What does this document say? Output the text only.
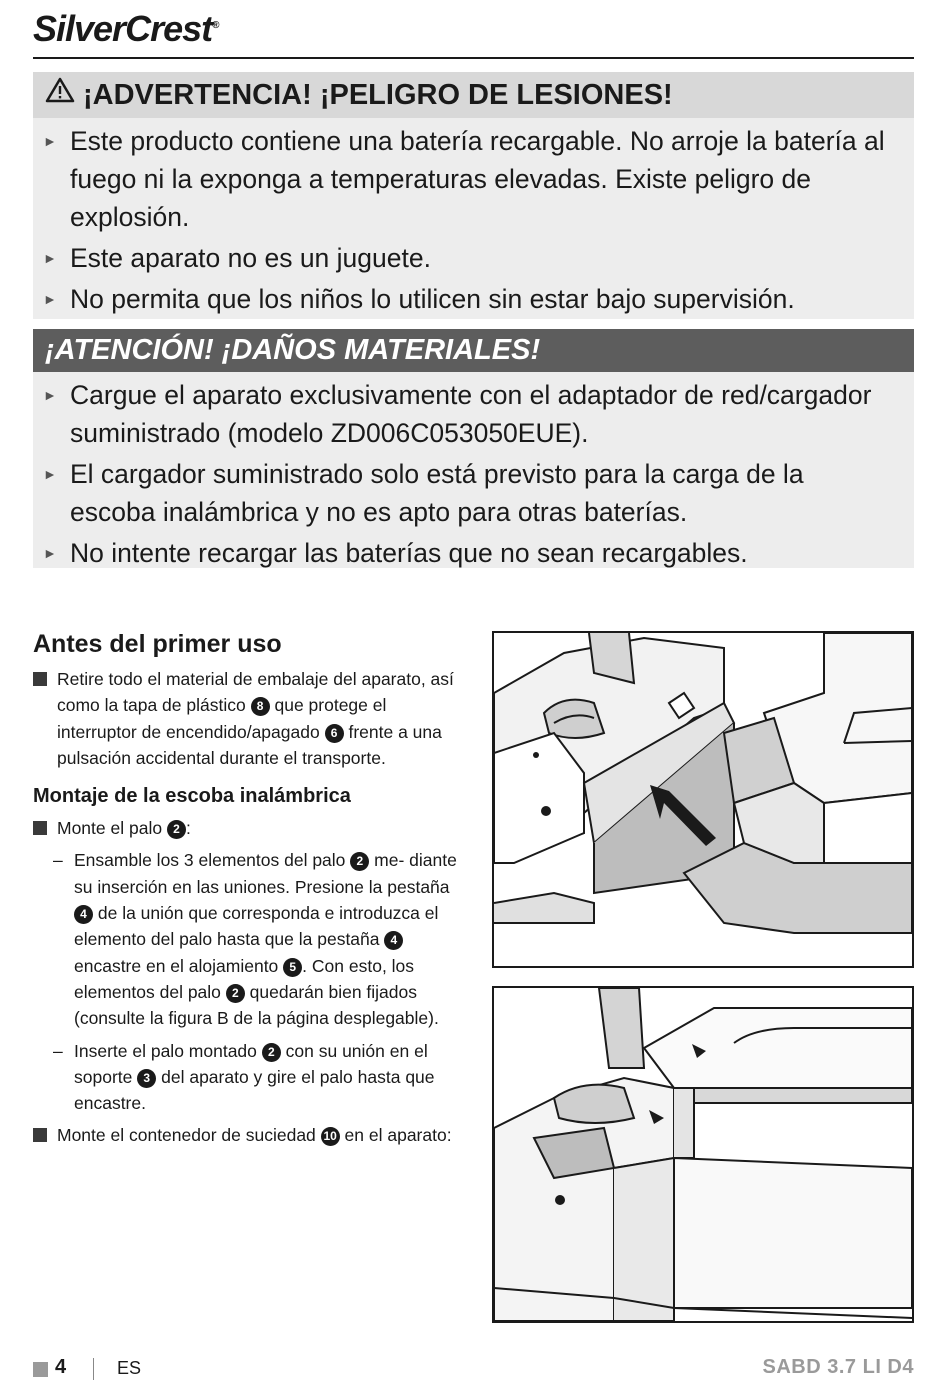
SilverCrest®
¡ADVERTENCIA! ¡PELIGRO DE LESIONES!
► Este producto contiene una batería recargable. No arroje la batería al fuego ni la exponga a temperaturas elevadas. Existe peligro de explosión.
► Este aparato no es un juguete.
► No permita que los niños lo utilicen sin estar bajo supervisión.
¡ATENCIÓN! ¡DAÑOS MATERIALES!
► Cargue el aparato exclusivamente con el adaptador de red/cargador suministrado (modelo ZD006C053050EUE).
► El cargador suministrado solo está previsto para la carga de la escoba inalámbrica y no es apto para otras baterías.
► No intente recargar las baterías que no sean recargables.
Antes del primer uso
Retire todo el material de embalaje del aparato, así como la tapa de plástico 8 que protege el interruptor de encendido/apagado 6 frente a una pulsación accidental durante el transporte.
Montaje de la escoba inalámbrica
Monte el palo 2 :
– Ensamble los 3 elementos del palo 2 me- diante su inserción en las uniones. Presione la pestaña 4 de la unión que corresponda e introduzca el elemento del palo hasta que la pestaña 4 encastre en el alojamiento 5 . Con esto, los elementos del palo 2 quedarán bien fijados (consulte la figura B de la página desplegable).
– Inserte el palo montado 2 con su unión en el soporte 3 del aparato y gire el palo hasta que encastre.
Monte el contenedor de suciedad 10 en el aparato:
4	ES	SABD 3.7 LI D4
